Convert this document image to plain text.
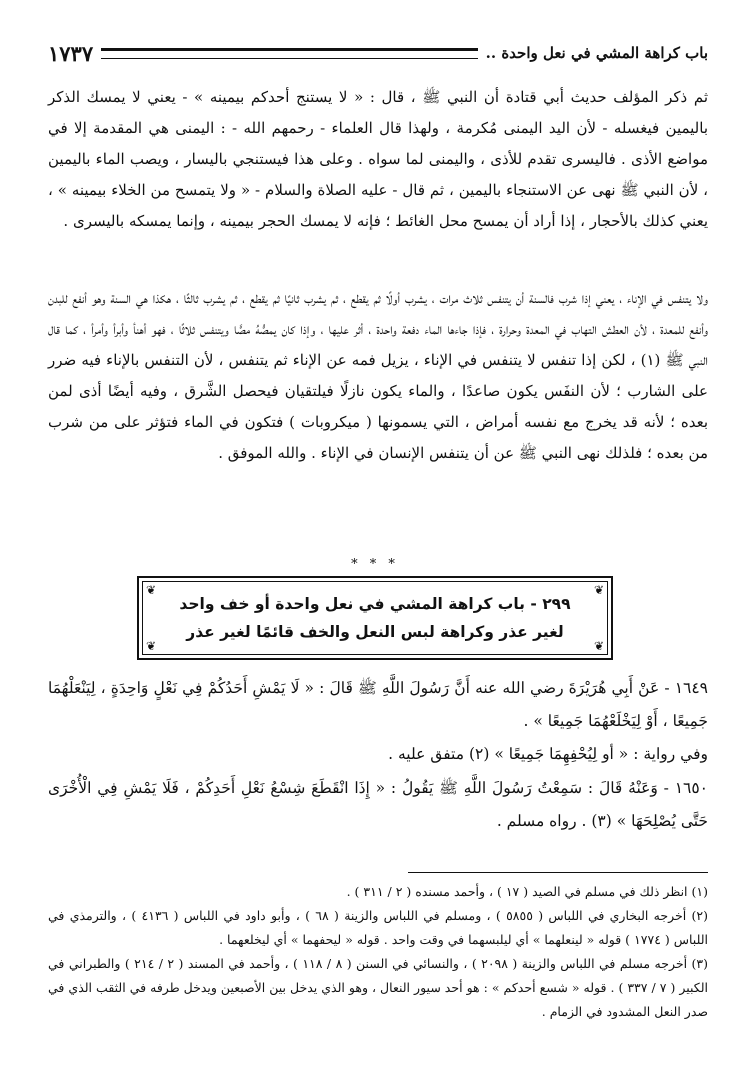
باب كراهة المشي في نعل واحدة ..
١٧٣٧

ثم ذكر المؤلف حديث أبي قتادة أن النبي ﷺ ، قال : « لا يستنج أحدكم بيمينه » - يعني لا يمسك الذكر باليمين فيغسله - لأن اليد اليمنى مُكرمة ، ولهذا قال العلماء - رحمهم الله - : اليمنى هي المقدمة إلا في مواضع الأذى . فاليسرى تقدم للأذى ، واليمنى لما سواه . وعلى هذا فيستنجي باليسار ، ويصب الماء باليمين ، لأن النبي ﷺ نهى عن الاستنجاء باليمين ، ثم قال - عليه الصلاة والسلام - « ولا يتمسح من الخلاء بيمينه » ، يعني كذلك بالأحجار ، إذا أراد أن يمسح محل الغائط ؛ فإنه لا يمسك الحجر بيمينه ، وإنما يمسكه باليسرى .

ولا يتنفس في الإناء ، يعني إذا شرب فالسنة أن يتنفس ثلاث مرات ، يشرب أولًا ثم يقطع ، ثم يشرب ثانيًا ثم يقطع ، ثم يشرب ثالثًا ، هكذا هي السنة وهو أنفع للبدن وأنفع للمعدة ، لأن العطش التهاب في المعدة وحرارة ، فإذا جاءها الماء دفعة واحدة ، أثر عليها ، وإذا كان يمصُّهُ مصًّا ويتنفس ثلاثًا ، فهو أهنأ وأبرأ وأمرأ ، كما قال النبي ﷺ (١) ، لكن إذا تنفس لا يتنفس في الإناء ، يزيل فمه عن الإناء ثم يتنفس ، لأن التنفس بالإناء فيه ضرر على الشارب ؛ لأن النفَس يكون صاعدًا ، والماء يكون نازلًا فيلتقيان فيحصل الشَّرق ، وفيه أيضًا أذى لمن بعده ؛ لأنه قد يخرج مع نفسه أمراض ، التي يسمونها ( ميكروبات ) فتكون في الماء فتؤثر على من شرب من بعده ؛ فلذلك نهى النبي ﷺ عن أن يتنفس الإنسان في الإناء . والله الموفق .

* * *
❦	❦
❦	❦
٢٩٩ - باب كراهة المشي في نعل واحدة أو خف واحد
لغير عذر وكراهة لبس النعل والخف قائمًا لغير عذر

١٦٤٩ - عَنْ أَبِي هُرَيْرَةَ رضي الله عنه أَنَّ رَسُولَ اللَّهِ ﷺ قَالَ : « لَا يَمْشِ أَحَدُكُمْ فِي نَعْلٍ وَاحِدَةٍ ، لِيَنْعَلْهُمَا جَمِيعًا ، أَوْ لِيَخْلَعْهُمَا جَمِيعًا » .

وفي رواية : « أو لِيُحْفِهِمَا جَمِيعًا » (٢) متفق عليه .

١٦٥٠ - وَعَنْهُ قَالَ : سَمِعْتُ رَسُولَ اللَّهِ ﷺ يَقُولُ : « إِذَا انْقَطَعَ شِسْعُ نَعْلِ أَحَدِكُمْ ، فَلَا يَمْشِ فِي الْأُخْرَى حَتَّى يُصْلِحَهَا » (٣) . رواه مسلم .

(١) انظر ذلك في مسلم في الصيد ( ١٧ ) ، وأحمد مسنده ( ٢ / ٣١١ ) .

(٢) أخرجه البخاري في اللباس ( ٥٨٥٥ ) ، ومسلم في اللباس والزينة ( ٦٨ ) ، وأبو داود في اللباس ( ٤١٣٦ ) ، والترمذي في اللباس ( ١٧٧٤ ) قوله « لينعلهما » أي ليلبسهما في وقت واحد . قوله « ليحفهما » أي ليخلعهما .

(٣) أخرجه مسلم في اللباس والزينة ( ٢٠٩٨ ) ، والنسائي في السنن ( ٨ / ١١٨ ) ، وأحمد في المسند ( ٢ / ٢١٤ ) والطبراني في الكبير ( ٧ / ٣٣٧ ) . قوله « شسع أحدكم » : هو أحد سيور النعال ، وهو الذي يدخل بين الأصبعين ويدخل طرفه في الثقب الذي في صدر النعل المشدود في الزمام .
